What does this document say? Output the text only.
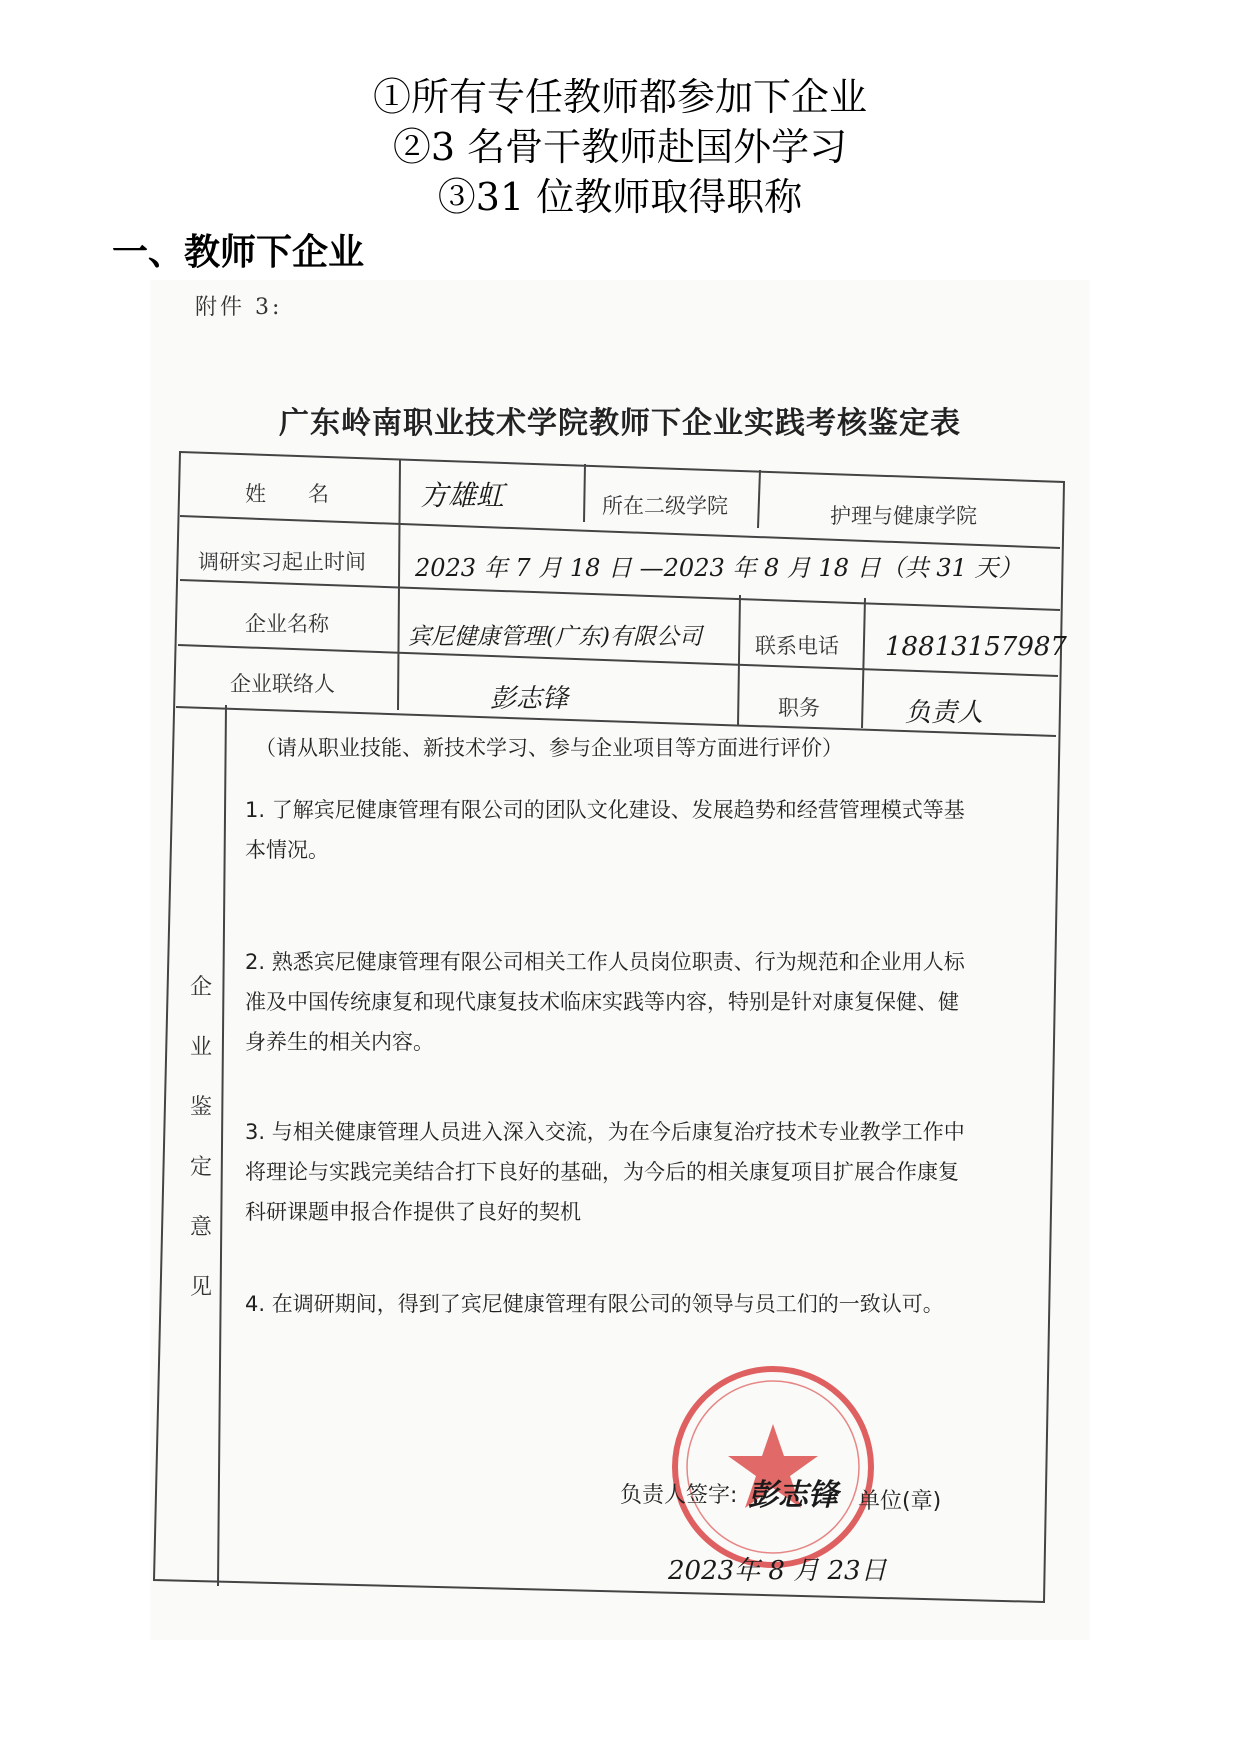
①所有专任教师都参加下企业
②3 名骨干教师赴国外学习
③31 位教师取得职称
一、教师下企业
附件 3:
广东岭南职业技术学院教师下企业实践考核鉴定表
姓　　名	方雄虹	所在二级学院	护理与健康学院
调研实习起止时间 2023 年 7 月 18 日 —2023 年 8 月 18 日（共 31 天）
企业名称	宾尼健康管理(广东)有限公司	联系电话 18813157987
企业联络人	彭志锋	职务	负责人
企
业
鉴
定
意
见
（请从职业技能、新技术学习、参与企业项目等方面进行评价）
1. 了解宾尼健康管理有限公司的团队文化建设、发展趋势和经营管理模式等基本情况。
2. 熟悉宾尼健康管理有限公司相关工作人员岗位职责、行为规范和企业用人标准及中国传统康复和现代康复技术临床实践等内容，特别是针对康复保健、健身养生的相关内容。
3. 与相关健康管理人员进入深入交流，为在今后康复治疗技术专业教学工作中将理论与实践完美结合打下良好的基础，为今后的相关康复项目扩展合作康复科研课题申报合作提供了良好的契机
4. 在调研期间，得到了宾尼健康管理有限公司的领导与员工们的一致认可。
负责人签字: 彭志锋 单位(章)
2023年 8 月 23日
